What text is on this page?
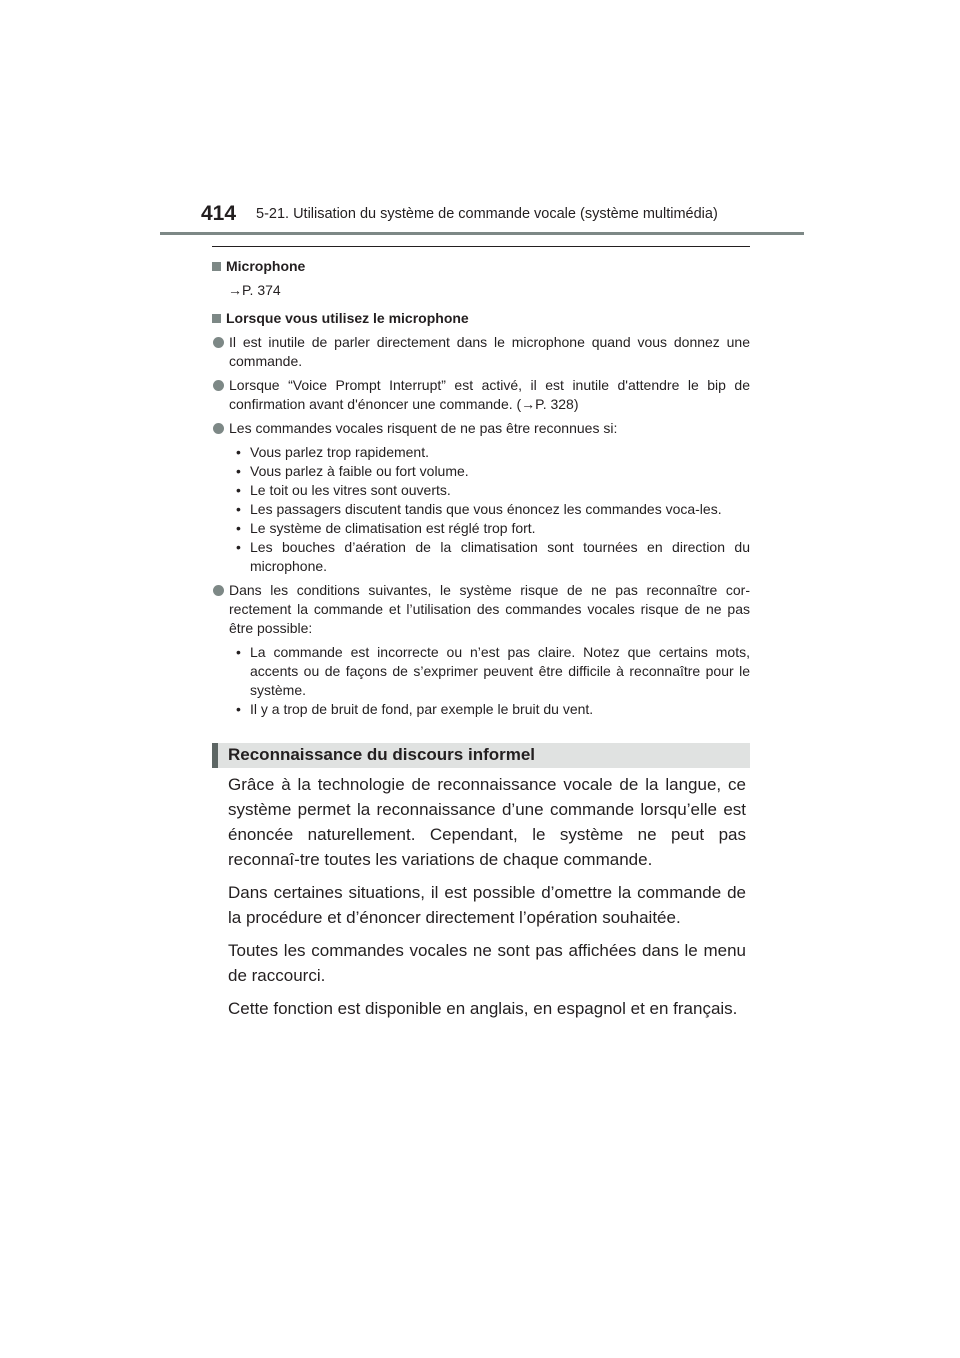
414 5-21. Utilisation du système de commande vocale (système multimédia)
Microphone
→P. 374
Lorsque vous utilisez le microphone
Il est inutile de parler directement dans le microphone quand vous donnez une commande.
Lorsque “Voice Prompt Interrupt” est activé, il est inutile d'attendre le bip de confirmation avant d'énoncer une commande. (→P. 328)
Les commandes vocales risquent de ne pas être reconnues si:
• Vous parlez trop rapidement.
• Vous parlez à faible ou fort volume.
• Le toit ou les vitres sont ouverts.
• Les passagers discutent tandis que vous énoncez les commandes voca-les.
• Le système de climatisation est réglé trop fort.
• Les bouches d’aération de la climatisation sont tournées en direction du microphone.
Dans les conditions suivantes, le système risque de ne pas reconnaître cor-rectement la commande et l’utilisation des commandes vocales risque de ne pas être possible:
• La commande est incorrecte ou n’est pas claire. Notez que certains mots, accents ou de façons de s’exprimer peuvent être difficile à reconnaître pour le système.
• Il y a trop de bruit de fond, par exemple le bruit du vent.
Reconnaissance du discours informel

Grâce à la technologie de reconnaissance vocale de la langue, ce système permet la reconnaissance d’une commande lorsqu’elle est énoncée naturellement. Cependant, le système ne peut pas reconnaî-tre toutes les variations de chaque commande.

Dans certaines situations, il est possible d’omettre la commande de la procédure et d’énoncer directement l’opération souhaitée.

Toutes les commandes vocales ne sont pas affichées dans le menu de raccourci.

Cette fonction est disponible en anglais, en espagnol et en français.
